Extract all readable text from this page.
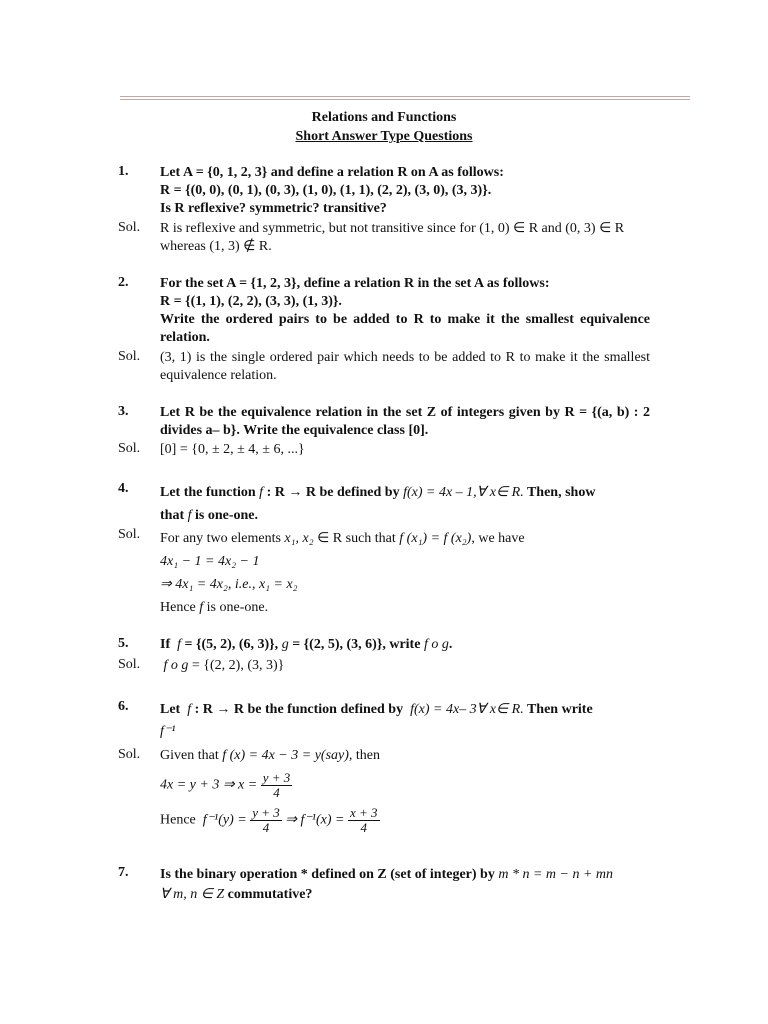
Relations and Functions
Short Answer Type Questions
1. Let A = {0, 1, 2, 3} and define a relation R on A as follows:
R = {(0, 0), (0, 1), (0, 3), (1, 0), (1, 1), (2, 2), (3, 0), (3, 3)}.
Is R reflexive? symmetric? transitive?
Sol. R is reflexive and symmetric, but not transitive since for (1, 0) ∈ R and (0, 3) ∈ R
whereas (1, 3) ∉ R.
2. For the set A = {1, 2, 3}, define a relation R in the set A as follows:
R = {(1, 1), (2, 2), (3, 3), (1, 3)}.
Write the ordered pairs to be added to R to make it the smallest equivalence relation.
Sol. (3, 1) is the single ordered pair which needs to be added to R to make it the smallest equivalence relation.
3. Let R be the equivalence relation in the set Z of integers given by R = {(a, b) : 2 divides a– b}. Write the equivalence class [0].
Sol. [0] = {0, ± 2, ± 4, ± 6, ...}
4. Let the function f : R → R be defined by f(x) = 4x – 1,∀ x∈ R. Then, show
that f is one-one.
Sol. For any two elements x₁, x₂ ∈ R such that f (x₁) = f (x₂), we have
4x₁ − 1 = 4x₂ − 1
⇒ 4x₁ = 4x₂, i.e., x₁ = x₂
Hence f is one-one.
5. If f = {(5, 2), (6, 3)}, g = {(2, 5), (3, 6)}, write f o g.
Sol. f o g = {(2, 2), (3, 3)}
6. Let f : R → R be the function defined by f(x) = 4x– 3∀ x∈ R. Then write
f⁻¹
Sol. Given that f (x) = 4x − 3 = y(say), then
4x = y + 3 ⇒ $x = \frac{y + 3}{4}$
Hence $f^{-1}(y) = \frac{y + 3}{4}$ ⇒ $f^{-1}(x) = \frac{x + 3}{4}$
7. Is the binary operation * defined on Z (set of integer) by m * n = m − n + mn
∀ m, n ∈ Z commutative?
